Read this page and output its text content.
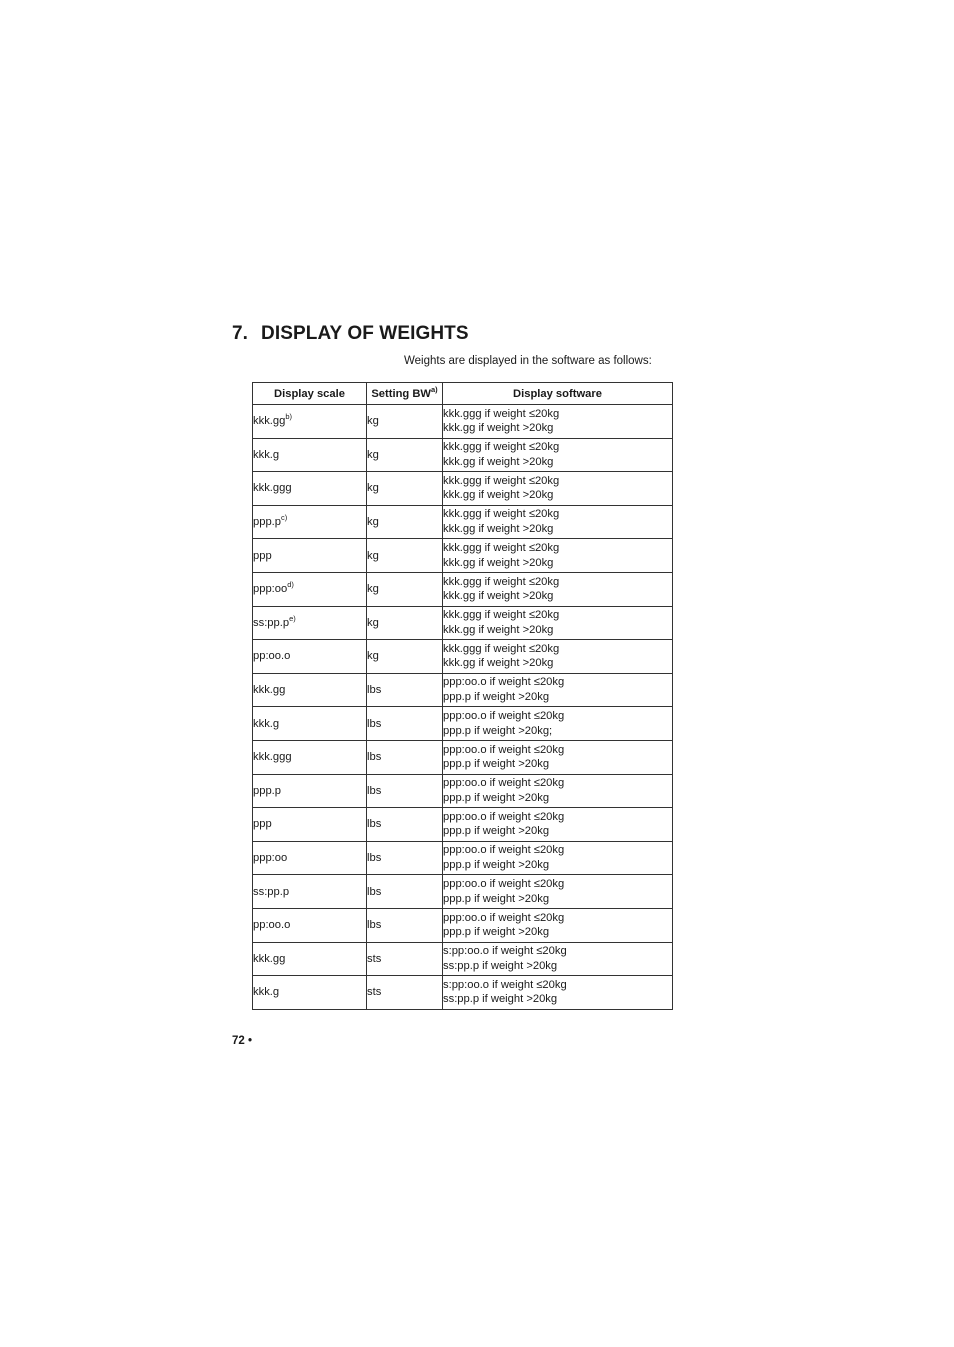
7. DISPLAY OF WEIGHTS
Weights are displayed in the software as follows:
Display scale	Setting BW$^{a)}$	Display software
$kkk.gg^{b)}$	kg	kkk.ggg if weight ≤20kg
kkk.gg if weight >20kg

kkk.g	kg	kkk.ggg if weight ≤20kg
kkk.gg if weight >20kg

kkk.ggg	kg	kkk.ggg if weight ≤20kg
kkk.gg if weight >20kg

$ppp.p^{c)}$	kg	kkk.ggg if weight ≤20kg
kkk.gg if weight >20kg

ppp	kg	kkk.ggg if weight ≤20kg
kkk.gg if weight >20kg

$ppp:oo^{d)}$	kg	kkk.ggg if weight ≤20kg
kkk.gg if weight >20kg

$ss:pp.p^{e)}$	kg	kkk.ggg if weight ≤20kg
kkk.gg if weight >20kg

pp:oo.o	kg	kkk.ggg if weight ≤20kg
kkk.gg if weight >20kg

kkk.gg	lbs	ppp:oo.o if weight ≤20kg
ppp.p if weight >20kg

kkk.g	lbs	ppp:oo.o if weight ≤20kg
ppp.p if weight >20kg;

kkk.ggg	lbs	ppp:oo.o if weight ≤20kg
ppp.p if weight >20kg

ppp.p	lbs	ppp:oo.o if weight ≤20kg
ppp.p if weight >20kg

ppp	lbs	ppp:oo.o if weight ≤20kg
ppp.p if weight >20kg

ppp:oo	lbs	ppp:oo.o if weight ≤20kg
ppp.p if weight >20kg

ss:pp.p	lbs	ppp:oo.o if weight ≤20kg
ppp.p if weight >20kg

pp:oo.o	lbs	ppp:oo.o if weight ≤20kg
ppp.p if weight >20kg

kkk.gg	sts	s:pp:oo.o if weight ≤20kg
ss:pp.p if weight >20kg

kkk.g	sts	s:pp:oo.o if weight ≤20kg
ss:pp.p if weight >20kg
72 •
